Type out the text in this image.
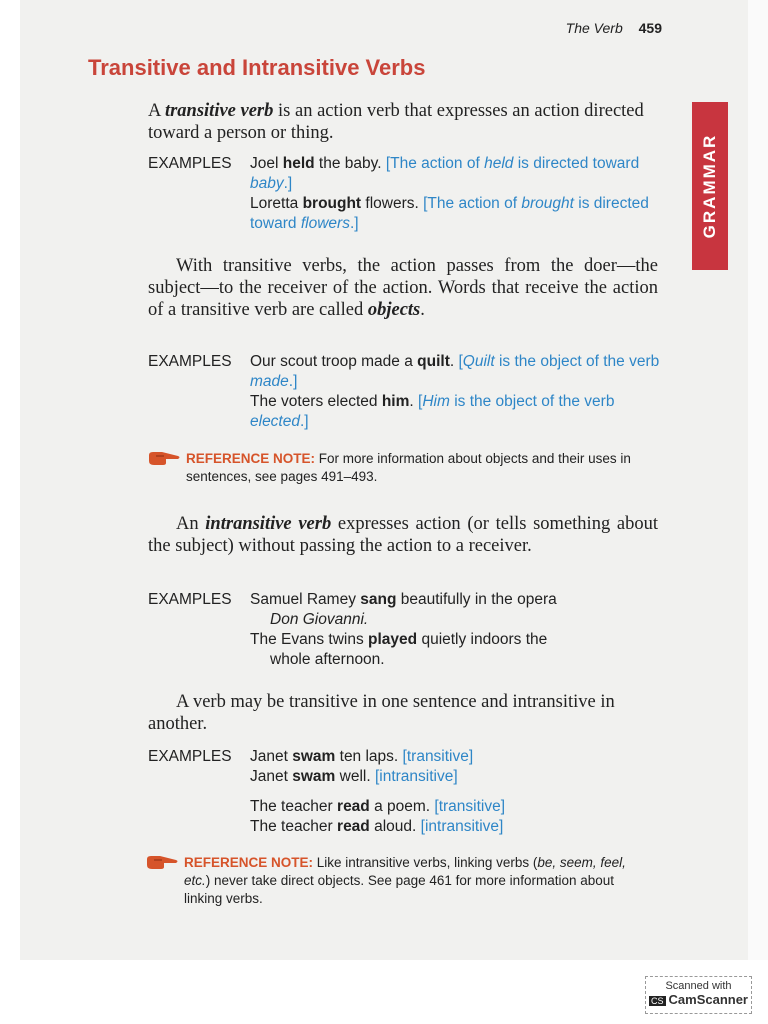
The Verb 459
Transitive and Intransitive Verbs
GRAMMAR
A transitive verb is an action verb that expresses an action directed toward a person or thing.
EXAMPLES Joel held the baby. [The action of held is directed toward baby.]
Loretta brought flowers. [The action of brought is directed toward flowers.]
With transitive verbs, the action passes from the doer—the subject—to the receiver of the action. Words that receive the action of a transitive verb are called objects.
EXAMPLES Our scout troop made a quilt. [Quilt is the object of the verb made.]
The voters elected him. [Him is the object of the verb elected.]
REFERENCE NOTE: For more information about objects and their uses in sentences, see pages 491–493.
An intransitive verb expresses action (or tells something about the subject) without passing the action to a receiver.
EXAMPLES Samuel Ramey sang beautifully in the opera
Don Giovanni.
The Evans twins played quietly indoors the
whole afternoon.
A verb may be transitive in one sentence and intransitive in another.
EXAMPLES Janet swam ten laps. [transitive]
Janet swam well. [intransitive]
The teacher read a poem. [transitive]
The teacher read aloud. [intransitive]
REFERENCE NOTE: Like intransitive verbs, linking verbs (be, seem, feel, etc.) never take direct objects. See page 461 for more information about linking verbs.
Scanned with
CS CamScanner
